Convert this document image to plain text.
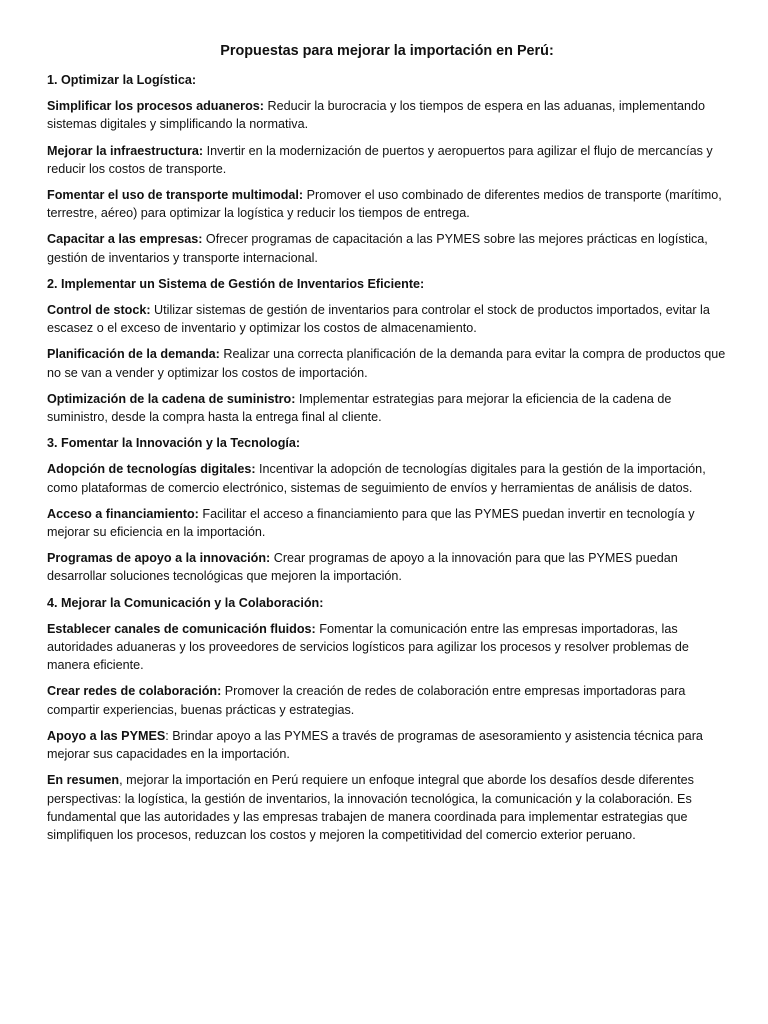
Propuestas para mejorar la importación en Perú:
1. Optimizar la Logística:

Simplificar los procesos aduaneros: Reducir la burocracia y los tiempos de espera en las aduanas, implementando sistemas digitales y simplificando la normativa.

Mejorar la infraestructura: Invertir en la modernización de puertos y aeropuertos para agilizar el flujo de mercancías y reducir los costos de transporte.

Fomentar el uso de transporte multimodal: Promover el uso combinado de diferentes medios de transporte (marítimo, terrestre, aéreo) para optimizar la logística y reducir los tiempos de entrega.

Capacitar a las empresas: Ofrecer programas de capacitación a las PYMES sobre las mejores prácticas en logística, gestión de inventarios y transporte internacional.

2. Implementar un Sistema de Gestión de Inventarios Eficiente:

Control de stock: Utilizar sistemas de gestión de inventarios para controlar el stock de productos importados, evitar la escasez o el exceso de inventario y optimizar los costos de almacenamiento.

Planificación de la demanda: Realizar una correcta planificación de la demanda para evitar la compra de productos que no se van a vender y optimizar los costos de importación.

Optimización de la cadena de suministro: Implementar estrategias para mejorar la eficiencia de la cadena de suministro, desde la compra hasta la entrega final al cliente.

3. Fomentar la Innovación y la Tecnología:

Adopción de tecnologías digitales: Incentivar la adopción de tecnologías digitales para la gestión de la importación, como plataformas de comercio electrónico, sistemas de seguimiento de envíos y herramientas de análisis de datos.

Acceso a financiamiento: Facilitar el acceso a financiamiento para que las PYMES puedan invertir en tecnología y mejorar su eficiencia en la importación.

Programas de apoyo a la innovación: Crear programas de apoyo a la innovación para que las PYMES puedan desarrollar soluciones tecnológicas que mejoren la importación.

4. Mejorar la Comunicación y la Colaboración:

Establecer canales de comunicación fluidos: Fomentar la comunicación entre las empresas importadoras, las autoridades aduaneras y los proveedores de servicios logísticos para agilizar los procesos y resolver problemas de manera eficiente.

Crear redes de colaboración: Promover la creación de redes de colaboración entre empresas importadoras para compartir experiencias, buenas prácticas y estrategias.

Apoyo a las PYMES: Brindar apoyo a las PYMES a través de programas de asesoramiento y asistencia técnica para mejorar sus capacidades en la importación.

En resumen, mejorar la importación en Perú requiere un enfoque integral que aborde los desafíos desde diferentes perspectivas: la logística, la gestión de inventarios, la innovación tecnológica, la comunicación y la colaboración. Es fundamental que las autoridades y las empresas trabajen de manera coordinada para implementar estrategias que simplifiquen los procesos, reduzcan los costos y mejoren la competitividad del comercio exterior peruano.
